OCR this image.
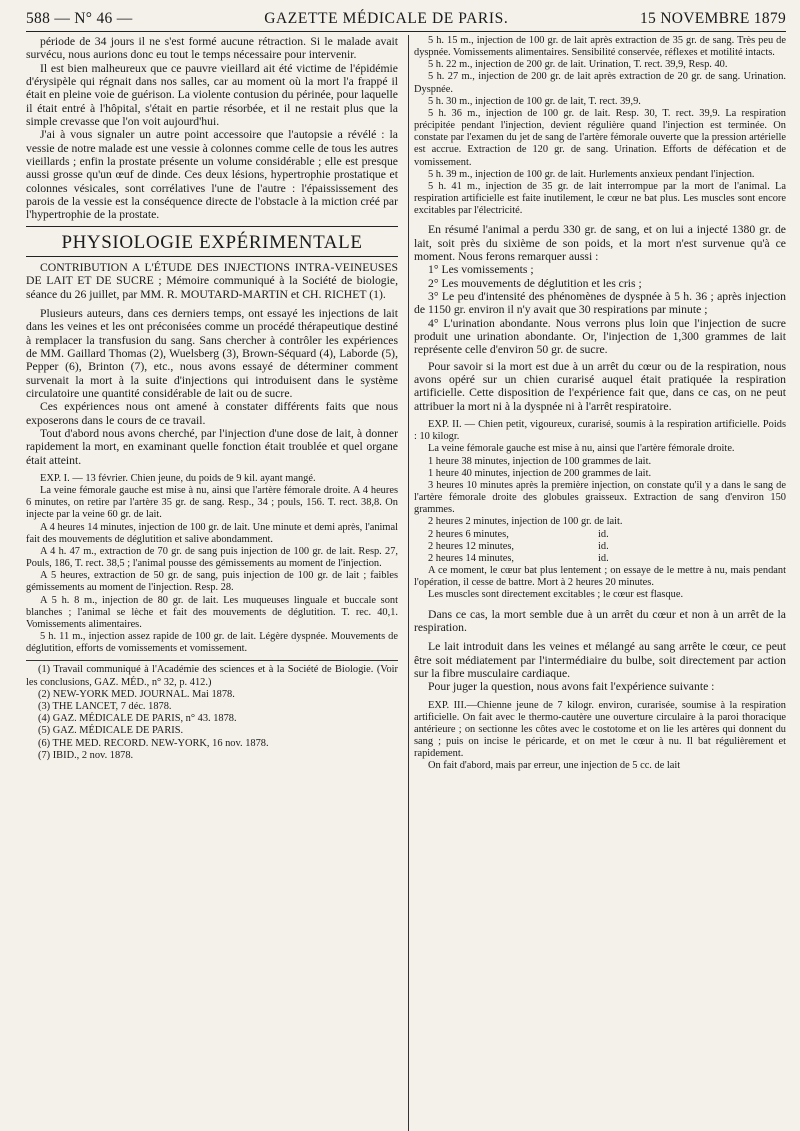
588 — N° 46 —	GAZETTE MÉDICALE DE PARIS.	15 NOVEMBRE 1879

période de 34 jours il ne s'est formé aucune rétraction. Si le malade avait survécu, nous aurions donc eu tout le temps nécessaire pour intervenir.

Il est bien malheureux que ce pauvre vieillard ait été victime de l'épidémie d'érysipèle qui régnait dans nos salles, car au moment où la mort l'a frappé il était en pleine voie de guérison. La violente contusion du périnée, pour laquelle il était entré à l'hôpital, s'était en partie résorbée, et il ne restait plus que la simple crevasse que l'on voit aujourd'hui.

J'ai à vous signaler un autre point accessoire que l'autopsie a révélé : la vessie de notre malade est une vessie à colonnes comme celle de tous les autres vieillards ; enfin la prostate présente un volume considérable ; elle est presque aussi grosse qu'un œuf de dinde. Ces deux lésions, hypertrophie prostatique et colonnes vésicales, sont corrélatives l'une de l'autre : l'épaississement des parois de la vessie est la conséquence directe de l'obstacle à la miction créé par l'hypertrophie de la prostate.

PHYSIOLOGIE EXPÉRIMENTALE

CONTRIBUTION A L'ÉTUDE DES INJECTIONS INTRA-VEINEUSES DE LAIT ET DE SUCRE ; Mémoire communiqué à la Société de biologie, séance du 26 juillet, par MM. R. MOUTARD-MARTIN et CH. RICHET (1).

Plusieurs auteurs, dans ces derniers temps, ont essayé les injections de lait dans les veines et les ont préconisées comme un procédé thérapeutique destiné à remplacer la transfusion du sang. Sans chercher à contrôler les expériences de MM. Gaillard Thomas (2), Wuelsberg (3), Brown-Séquard (4), Laborde (5), Pepper (6), Brinton (7), etc., nous avons essayé de déterminer comment survenait la mort à la suite d'injections qui introduisent dans le système circulatoire une quantité considérable de lait ou de sucre.

Ces expériences nous ont amené à constater différents faits que nous exposerons dans le cours de ce travail.

Tout d'abord nous avons cherché, par l'injection d'une dose de lait, à donner rapidement la mort, en examinant quelle fonction était troublée et quel organe était atteint.

EXP. I. — 13 février. Chien jeune, du poids de 9 kil. ayant mangé.

La veine fémorale gauche est mise à nu, ainsi que l'artère fémorale droite. A 4 heures 6 minutes, on retire par l'artère 35 gr. de sang. Resp., 34 ; pouls, 156. T. rect. 38,8. On injecte par la veine 60 gr. de lait.

A 4 heures 14 minutes, injection de 100 gr. de lait. Une minute et demi après, l'animal fait des mouvements de déglutition et salive abondamment.

A 4 h. 47 m., extraction de 70 gr. de sang puis injection de 100 gr. de lait. Resp. 27, Pouls, 186, T. rect. 38,5 ; l'animal pousse des gémissements au moment de l'injection.

A 5 heures, extraction de 50 gr. de sang, puis injection de 100 gr. de lait ; faibles gémissements au moment de l'injection. Resp. 28.

A 5 h. 8 m., injection de 80 gr. de lait. Les muqueuses linguale et buccale sont blanches ; l'animal se lèche et fait des mouvements de déglutition. T. rec. 40,1. Vomissements alimentaires.

5 h. 11 m., injection assez rapide de 100 gr. de lait. Légère dyspnée. Mouvements de déglutition, efforts de vomissements et vomissement.

(1) Travail communiqué à l'Académie des sciences et à la Société de Biologie. (Voir les conclusions, GAZ. MÉD., n° 32, p. 412.)

(2) NEW-YORK MED. JOURNAL. Mai 1878.

(3) THE LANCET, 7 déc. 1878.

(4) GAZ. MÉDICALE DE PARIS, n° 43. 1878.

(5) GAZ. MÉDICALE DE PARIS.

(6) THE MED. RECORD. NEW-YORK, 16 nov. 1878.

(7) IBID., 2 nov. 1878.

5 h. 15 m., injection de 100 gr. de lait après extraction de 35 gr. de sang. Très peu de dyspnée. Vomissements alimentaires. Sensibilité conservée, réflexes et motilité intacts.

5 h. 22 m., injection de 200 gr. de lait. Urination, T. rect. 39,9, Resp. 40.

5 h. 27 m., injection de 200 gr. de lait après extraction de 20 gr. de sang. Urination. Dyspnée.

5 h. 30 m., injection de 100 gr. de lait, T. rect. 39,9.

5 h. 36 m., injection de 100 gr. de lait. Resp. 30, T. rect. 39,9. La respiration précipitée pendant l'injection, devient régulière quand l'injection est terminée. On constate par l'examen du jet de sang de l'artère fémorale ouverte que la pression artérielle est accrue. Extraction de 120 gr. de sang. Urination. Efforts de défécation et de vomissement.

5 h. 39 m., injection de 100 gr. de lait. Hurlements anxieux pendant l'injection.

5 h. 41 m., injection de 35 gr. de lait interrompue par la mort de l'animal. La respiration artificielle est faite inutilement, le cœur ne bat plus. Les muscles sont encore excitables par l'électricité.

En résumé l'animal a perdu 330 gr. de sang, et on lui a injecté 1380 gr. de lait, soit près du sixième de son poids, et la mort n'est survenue qu'à ce moment. Nous ferons remarquer aussi :

1° Les vomissements ;

2° Les mouvements de déglutition et les cris ;

3° Le peu d'intensité des phénomènes de dyspnée à 5 h. 36 ; après injection de 1150 gr. environ il n'y avait que 30 respirations par minute ;

4° L'urination abondante. Nous verrons plus loin que l'injection de sucre produit une urination abondante. Or, l'injection de 1,300 grammes de lait représente celle d'environ 50 gr. de sucre.

Pour savoir si la mort est due à un arrêt du cœur ou de la respiration, nous avons opéré sur un chien curarisé auquel était pratiquée la respiration artificielle. Cette disposition de l'expérience fait que, dans ce cas, on ne peut attribuer la mort ni à la dyspnée ni à l'arrêt respiratoire.

EXP. II. — Chien petit, vigoureux, curarisé, soumis à la respiration artificielle. Poids : 10 kilogr.

La veine fémorale gauche est mise à nu, ainsi que l'artère fémorale droite.

1 heure 38 minutes, injection de 100 grammes de lait.

1 heure 40 minutes, injection de 200 grammes de lait.

3 heures 10 minutes après la première injection, on constate qu'il y a dans le sang de l'artère fémorale droite des globules graisseux. Extraction de sang d'environ 150 grammes.

2 heures 2 minutes, injection de 100 gr. de lait.

2 heures 6 minutes,	id.

2 heures 12 minutes,	id.

2 heures 14 minutes,	id.

A ce moment, le cœur bat plus lentement ; on essaye de le mettre à nu, mais pendant l'opération, il cesse de battre. Mort à 2 heures 20 minutes.

Les muscles sont directement excitables ; le cœur est flasque.

Dans ce cas, la mort semble due à un arrêt du cœur et non à un arrêt de la respiration.

Le lait introduit dans les veines et mélangé au sang arrête le cœur, ce peut être soit médiatement par l'intermédiaire du bulbe, soit directement par action sur la fibre musculaire cardiaque.

Pour juger la question, nous avons fait l'expérience suivante :

EXP. III.—Chienne jeune de 7 kilogr. environ, curarisée, soumise à la respiration artificielle. On fait avec le thermo-cautère une ouverture circulaire à la paroi thoracique antérieure ; on sectionne les côtes avec le costotome et on lie les artères qui donnent du sang ; puis on incise le péricarde, et on met le cœur à nu. Il bat régulièrement et rapidement.

On fait d'abord, mais par erreur, une injection de 5 cc. de lait
